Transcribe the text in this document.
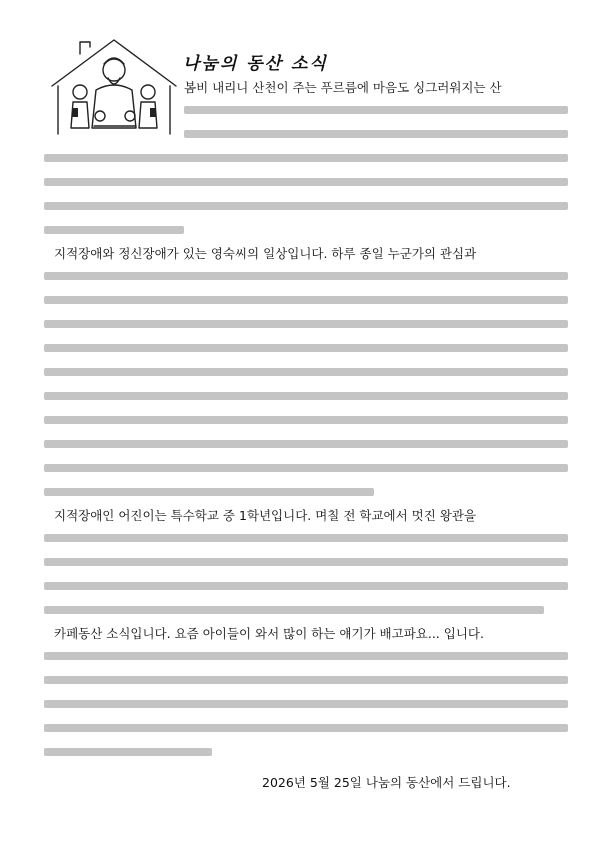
나눔의 동산 소식
봄비 내리니 산천이 주는 푸르름에 마음도 싱그러워지는 산
지적장애와 정신장애가 있는 영숙씨의 일상입니다. 하루 종일 누군가의 관심과
지적장애인 어진이는 특수학교 중 1학년입니다. 며칠 전 학교에서 멋진 왕관을
카페동산 소식입니다. 요즘 아이들이 와서 많이 하는 얘기가 배고파요... 입니다.
2026년 5월 25일 나눔의 동산에서 드립니다.
